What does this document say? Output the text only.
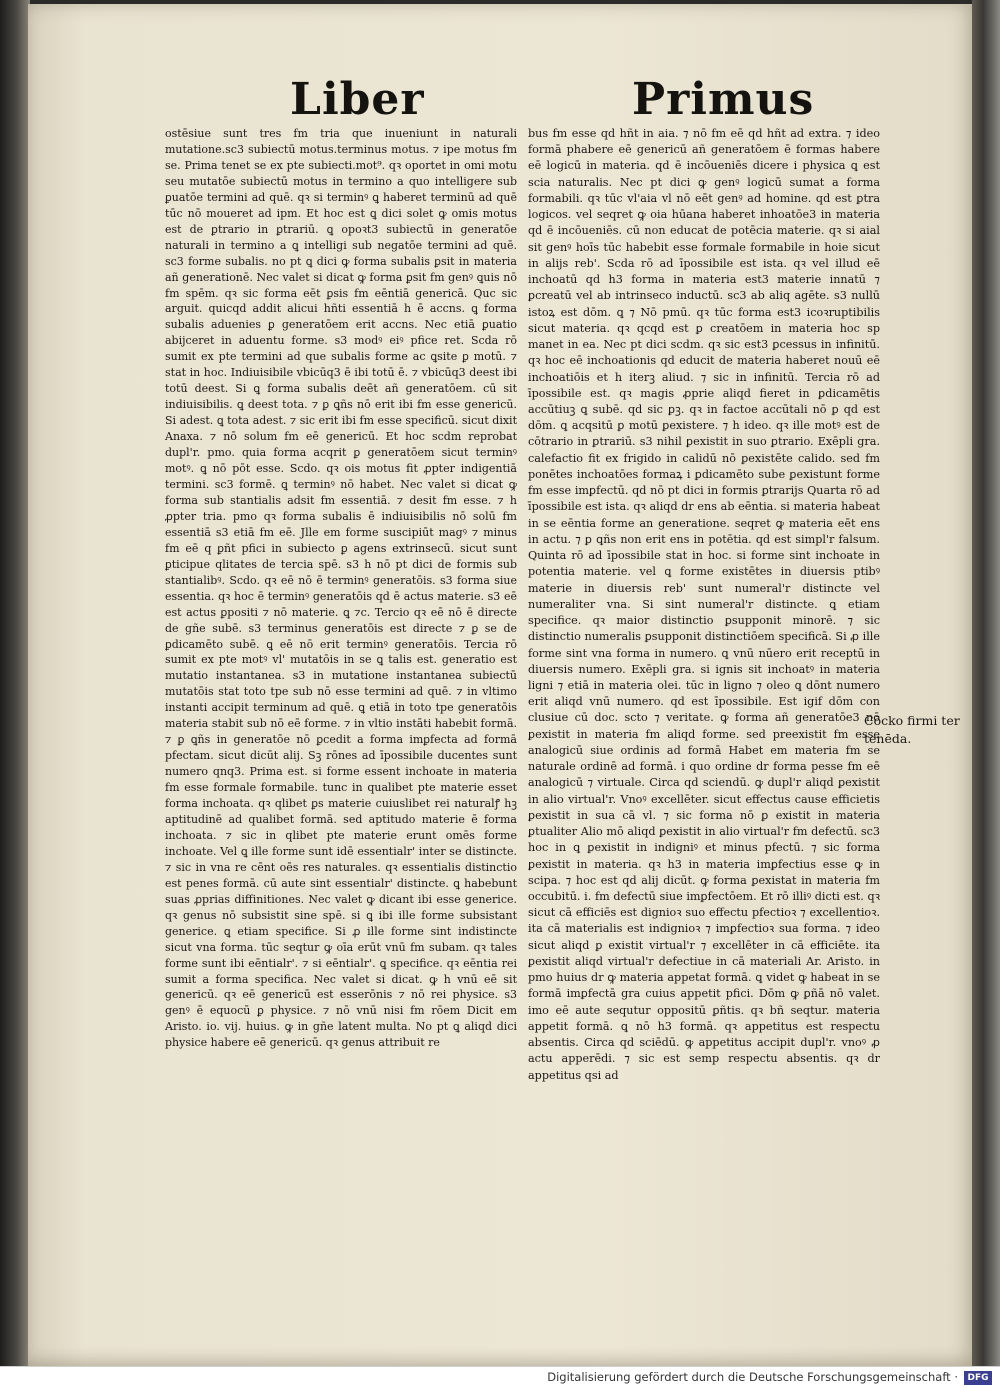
Liber	Primus

ostēsiue sunt tres fm tria que inueniunt in naturali mutatione.sc3 subiectū motus.terminus motus. ⁊ ipe motus fm se. Prima tenet se ex pte subiecti.mot⁹. qꝛ oportet in omi motu seu mutatōe subiectū motus in termino a quo intelligere sub ꝑuatōe termini ad quē. qꝛ si terminꝰ ꝗ haberet terminū ad quē tūc nō moueret ad ipm. Et hoc est ꝗ dici solet ꝙ omis motus est de ꝑtrario in ꝑtrariū. ꝗ opoꝛt3 subiectū in generatōe naturali in termino a ꝗ intelligi sub negatōe termini ad quē. sc3 forme subalis. no pt ꝗ dici ꝙ forma subalis ꝑsit in materia añ generationē. Nec valet si dicat ꝙ forma ꝑsit fm genꝰ ꝗuis nō fm spēm. qꝛ sic forma eēt ꝑsis fm eēntiā genericā. Quc sic arguit. quicqd addit alicui hñti essentiā h ē accns. ꝗ forma subalis aduenies ꝑ generatōem erit accns. Nec etiā ꝑuatio abijceret in aduentu forme. s3 modꝰ eiꝰ pfice ret. Scda rō sumit ex pte termini ad que subalis forme ac ꝗsite ꝑ motū. ⁊ stat in hoc. Indiuisibile vbicūq3 ē ibi totū ē. ⁊ vbicūq3 deest ibi totū deest. Si ꝗ forma subalis deēt añ generatōem. cū sit indiuisibilis. ꝗ deest tota. ⁊ ꝑ ꝗñs nō erit ibi fm esse genericū. Si adest. ꝗ tota adest. ⁊ sic erit ibi fm esse specificū. sicut dixit Anaxa. ⁊ nō solum fm eē genericū. Et hoc scdm reprobat dupl'r. pmo. quia forma acqrit ꝑ generatōem sicut terminꝰ motꝰ. ꝗ nō pōt esse. Scdo. qꝛ ois motus fit ꝓpter indigentiā termini. sc3 formē. ꝗ terminꝰ nō habet. Nec valet si dicat ꝙ forma sub stantialis adsit fm essentiā. ⁊ desit fm esse. ⁊ h ꝓpter tria. pmo qꝛ forma subalis ē indiuisibilis nō solū fm essentiā s3 etiā fm eē. Jlle em forme suscipiūt magꝰ ⁊ minus fm eē q ꝑñt pfici in subiecto ꝑ agens extrinsecū. sicut sunt ꝑticipue qlitates de tercia spē. s3 h nō pt dici de formis sub stantialibꝰ. Scdo. qꝛ eē nō ē terminꝰ generatōis. s3 forma siue essentia. qꝛ hoc ē terminꝰ generatōis qd ē actus materie. s3 eē est actus ꝑpositi ⁊ nō materie. ꝗ ⁊c. Tercio qꝛ eē nō ē directe de gñe subē. s3 terminus generatōis est directe ⁊ ꝑ se de ꝑdicamēto subē. ꝗ eē nō erit terminꝰ generatōis. Tercia rō sumit ex pte motꝰ vl' mutatōis in se ꝗ talis est. generatio est mutatio instantanea. s3 in mutatione instantanea subiectū mutatōis stat toto tpe sub nō esse termini ad quē. ⁊ in vltimo instanti accipit terminum ad quē. ꝗ etiā in toto tpe generatōis materia stabit sub nō eē forme. ⁊ in vltio instāti habebit formā. ⁊ ꝑ ꝗñs in generatōe nō ꝑcedit a forma imꝑfecta ad formā pfectam. sicut dicūt alij. Sꝫ rōnes ad īpossibile ducentes sunt numero qnq3. Prima est. si forme essent inchoate in materia fm esse formale formabile. tunc in qualibet pte materie esset forma inchoata. qꝛ qlibet ꝑs materie cuiuslibet rei naturalꝭ hꝫ aptitudinē ad qualibet formā. sed aptitudo materie ē forma inchoata. ⁊ sic in qlibet pte materie erunt omēs forme inchoate. Vel ꝗ ille forme sunt idē essentialr' inter se distincte. ⁊ sic in vna re cēnt oēs res naturales. qꝛ essentialis distinctio est penes formā. cū aute sint essentialr' distincte. ꝗ habebunt suas ꝓprias diffinitiones. Nec valet ꝙ dicant ibi esse generice. qꝛ genus nō subsistit sine spē. si ꝗ ibi ille forme subsistant generice. ꝗ etiam specifice. Si ꝓ ille forme sint indistincte sicut vna forma. tūc seqtur ꝙ oīa erūt vnū fm subam. qꝛ tales forme sunt ibi eēntialr'. ⁊ si eēntialr'. ꝗ specifice. qꝛ eēntia rei sumit a forma specifica. Nec valet si dicat. ꝙ h vnū eē sit genericū. qꝛ eē genericū est esserōnis ⁊ nō rei physice. s3 genꝰ ē equocū ꝑ physice. ⁊ nō vnū nisi fm rōem Dicit em Aristo. io. vij. huius. ꝙ in gñe latent multa. No pt ꝗ aliqd dici physice habere eē genericū. qꝛ genus attribuit re

bus fm esse qd hñt in aia. ⁊ nō fm eē qd hñt ad extra. ⁊ ideo formā phabere eē genericū añ generatōem ē formas habere eē logicū in materia. qd ē incōueniēs dicere i physica ꝗ est scia naturalis. Nec pt dici ꝙ genꝰ logicū sumat a forma formabili. qꝛ tūc vl'aia vl nō eēt genꝰ ad homine. qd est ꝑtra logicos. vel seqret ꝙ oia hūana haberet inhoatōe3 in materia qd ē incōueniēs. cū non educat de potēcia materie. qꝛ si aial sit genꝰ hoīs tūc habebit esse formale formabile in hoie sicut in alijs reb'. Scda rō ad īpossibile est ista. qꝛ vel illud eē inchoatū qd h3 forma in materia est3 materie innatū ⁊ ꝑcreatū vel ab intrinseco inductū. sc3 ab aliq agēte. s3 nullū istoꝝ est dōm. ꝗ ⁊ Nō pmū. qꝛ tūc forma est3 icoꝛruptibilis sicut materia. qꝛ qcqd est ꝑ creatōem in materia hoc sp manet in ea. Nec pt dici scdm. qꝛ sic est3 ꝑcessus in infinitū. qꝛ hoc eē inchoationis qd educit de materia haberet nouū eē inchoatiōis et h iterꝫ aliud. ⁊ sic in infinitū. Tercia rō ad īpossibile est. qꝛ magis ꝓprie aliqd fieret in ꝑdicamētis accūtiuꝫ ꝗ subē. qd sic ꝑꝫ. qꝛ in factoe accūtali nō ꝑ qd est dōm. ꝗ acqsitū ꝑ motū ꝑexistere. ⁊ h ideo. qꝛ ille motꝰ est de cōtrario in ꝑtrariū. s3 nihil ꝑexistit in suo ꝑtrario. Exēpli gra. calefactio fit ex frigido in calidū nō ꝑexistēte calido. sed fm ponētes inchoatōes formaꝝ i ꝑdicamēto sube ꝑexistunt forme fm esse imꝑfectū. qd nō pt dici in formis ꝑtrarijs Quarta rō ad īpossibile est ista. qꝛ aliqd dr ens ab eēntia. si materia habeat in se eēntia forme an generatione. seqret ꝙ materia eēt ens in actu. ⁊ ꝑ ꝗñs non erit ens in potētia. qd est simpl'r falsum. Quinta rō ad īpossibile stat in hoc. si forme sint inchoate in potentia materie. vel ꝗ forme existētes in diuersis ptibꝰ materie in diuersis reb' sunt numeral'r distincte vel numeraliter vna. Si sint numeral'r distincte. ꝗ etiam specifice. qꝛ maior distinctio ꝑsupponit minorē. ⁊ sic distinctio numeralis ꝑsupponit distinctiōem specificā. Si ꝓ ille forme sint vna forma in numero. ꝗ vnū nūero erit receptū in diuersis numero. Exēpli gra. si ignis sit inchoatꝰ in materia ligni ⁊ etiā in materia olei. tūc in ligno ⁊ oleo ꝗ dōnt numero erit aliqd vnū numero. qd est īpossibile. Est igif dōm con clusiue cū doc. scto ⁊ veritate. ꝙ forma añ generatōe3 nō ꝑexistit in materia fm aliqd forme. sed preexistit fm esse analogicū siue ordinis ad formā Habet em materia fm se naturale ordinē ad formā. i quo ordine dr forma pesse fm eē analogicū ⁊ virtuale. Circa qd sciendū. ꝙ dupl'r aliqd ꝑexistit in alio virtual'r. Vnoꝰ excellēter. sicut effectus cause efficietis ꝑexistit in sua cā vl. ⁊ sic forma nō ꝑ existit in materia ꝑtualiter Alio mō aliqd ꝑexistit in alio virtual'r fm defectū. sc3 hoc in ꝗ ꝑexistit in indigniꝰ et minus pfectū. ⁊ sic forma ꝑexistit in materia. qꝛ h3 in materia imꝑfectius esse ꝙ in scipa. ⁊ hoc est qd alij dicūt. ꝙ forma ꝑexistat in materia fm occubitū. i. fm defectū siue imꝑfectōem. Et rō illiꝰ dicti est. qꝛ sicut cā efficiēs est dignioꝛ suo effectu pfectioꝛ ⁊ excellentioꝛ. ita cā materialis est indignioꝛ ⁊ imꝑfectioꝛ sua forma. ⁊ ideo sicut aliqd ꝑ existit virtual'r ⁊ excellēter in cā efficiēte. ita ꝑexistit aliqd virtual'r defectiue in cā materiali Ar. Aristo. in pmo huius dr ꝙ materia appetat formā. ꝗ videt ꝙ habeat in se formā imꝑfectā gra cuius appetit pfici. Dōm ꝙ ꝑñā nō valet. imo eē aute sequtur oppositū ꝑñtis. qꝛ bñ seqtur. materia appetit formā. ꝗ nō h3 formā. qꝛ appetitus est respectu absentis. Circa qd sciēdū. ꝙ appetitus accipit dupl'r. vnoꝰ ꝓ actu apperēdi. ⁊ sic est semp respectu absentis. qꝛ dr appetitus qsi ad

Cōcko firmi ter tenēda.
Digitalisierung gefördert durch die Deutsche Forschungsgemeinschaft ·	DFG
